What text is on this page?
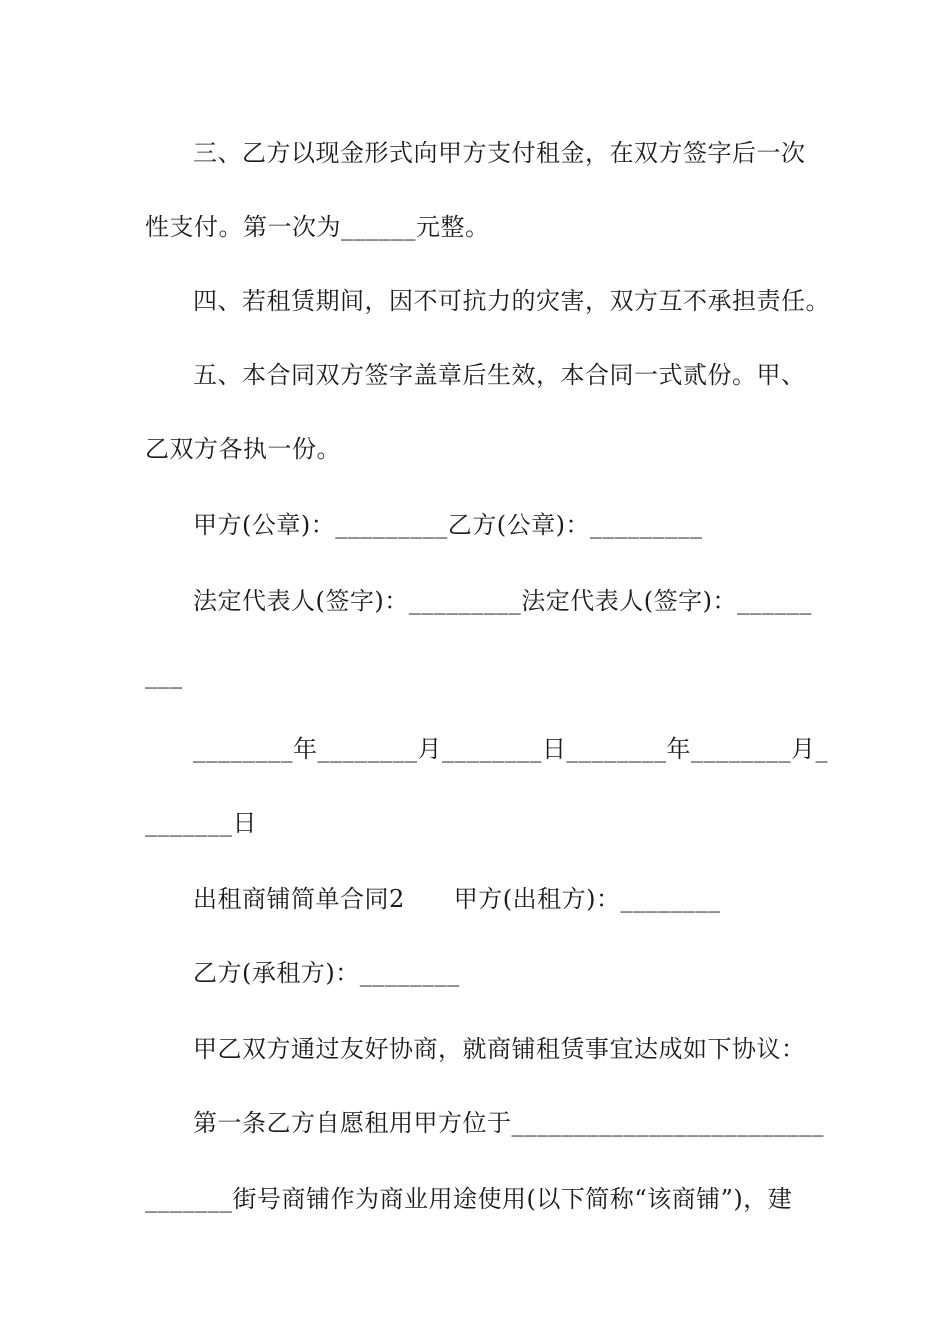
三、乙方以现金形式向甲方支付租金，在双方签字后一次
性支付。第一次为______元整。
四、若租赁期间，因不可抗力的灾害，双方互不承担责任。
五、本合同双方签字盖章后生效，本合同一式贰份。甲、
乙双方各执一份。
甲方(公章)：_________乙方(公章)：_________
法定代表人(签字)：_________法定代表人(签字)：______
___
________年________月________日________年________月_
_______日
出租商铺简单合同2　　甲方(出租方)：________
乙方(承租方)：________
甲乙双方通过友好协商，就商铺租赁事宜达成如下协议：
第一条乙方自愿租用甲方位于_________________________
_______街号商铺作为商业用途使用(以下简称“该商铺”)，建
